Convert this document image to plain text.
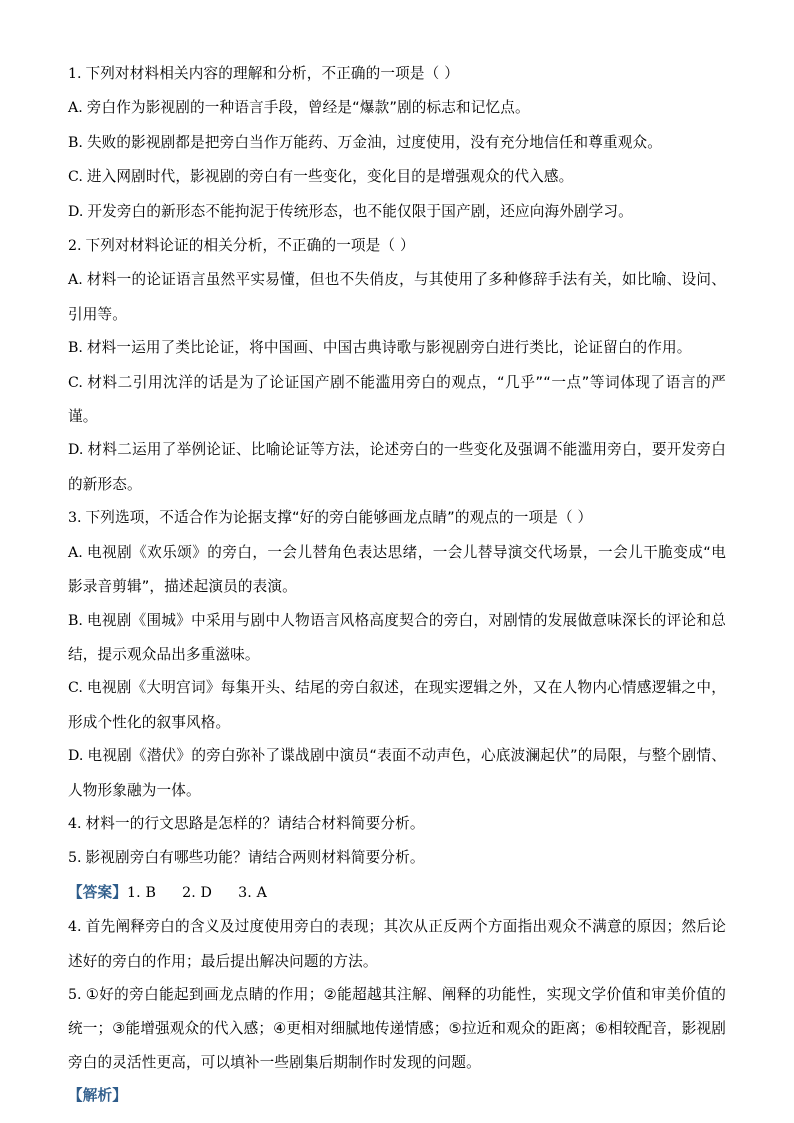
1. 下列对材料相关内容的理解和分析，不正确的一项是（ ）

A. 旁白作为影视剧的一种语言手段，曾经是“爆款”剧的标志和记忆点。

B. 失败的影视剧都是把旁白当作万能药、万金油，过度使用，没有充分地信任和尊重观众。

C. 进入网剧时代，影视剧的旁白有一些变化，变化目的是增强观众的代入感。

D. 开发旁白的新形态不能拘泥于传统形态，也不能仅限于国产剧，还应向海外剧学习。

2. 下列对材料论证的相关分析，不正确的一项是（ ）

A. 材料一的论证语言虽然平实易懂，但也不失俏皮，与其使用了多种修辞手法有关，如比喻、设问、引用等。

B. 材料一运用了类比论证，将中国画、中国古典诗歌与影视剧旁白进行类比，论证留白的作用。

C. 材料二引用沈洋的话是为了论证国产剧不能滥用旁白的观点，“几乎”“一点”等词体现了语言的严谨。

D. 材料二运用了举例论证、比喻论证等方法，论述旁白的一些变化及强调不能滥用旁白，要开发旁白的新形态。

3. 下列选项，不适合作为论据支撑“好的旁白能够画龙点睛”的观点的一项是（ ）

A. 电视剧《欢乐颂》的旁白，一会儿替角色表达思绪，一会儿替导演交代场景，一会儿干脆变成“电影录音剪辑”，描述起演员的表演。

B. 电视剧《围城》中采用与剧中人物语言风格高度契合的旁白，对剧情的发展做意味深长的评论和总结，提示观众品出多重滋味。

C. 电视剧《大明宫词》每集开头、结尾的旁白叙述，在现实逻辑之外，又在人物内心情感逻辑之中，形成个性化的叙事风格。

D. 电视剧《潜伏》的旁白弥补了谍战剧中演员“表面不动声色，心底波澜起伏”的局限，与整个剧情、人物形象融为一体。

4. 材料一的行文思路是怎样的？请结合材料简要分析。

5. 影视剧旁白有哪些功能？请结合两则材料简要分析。

【答案】1. B 2. D 3. A

4. 首先阐释旁白的含义及过度使用旁白的表现；其次从正反两个方面指出观众不满意的原因；然后论述好的旁白的作用；最后提出解决问题的方法。

5. ①好的旁白能起到画龙点睛的作用；②能超越其注解、阐释的功能性，实现文学价值和审美价值的统一；③能增强观众的代入感；④更相对细腻地传递情感；⑤拉近和观众的距离；⑥相较配音，影视剧旁白的灵活性更高，可以填补一些剧集后期制作时发现的问题。

【解析】
